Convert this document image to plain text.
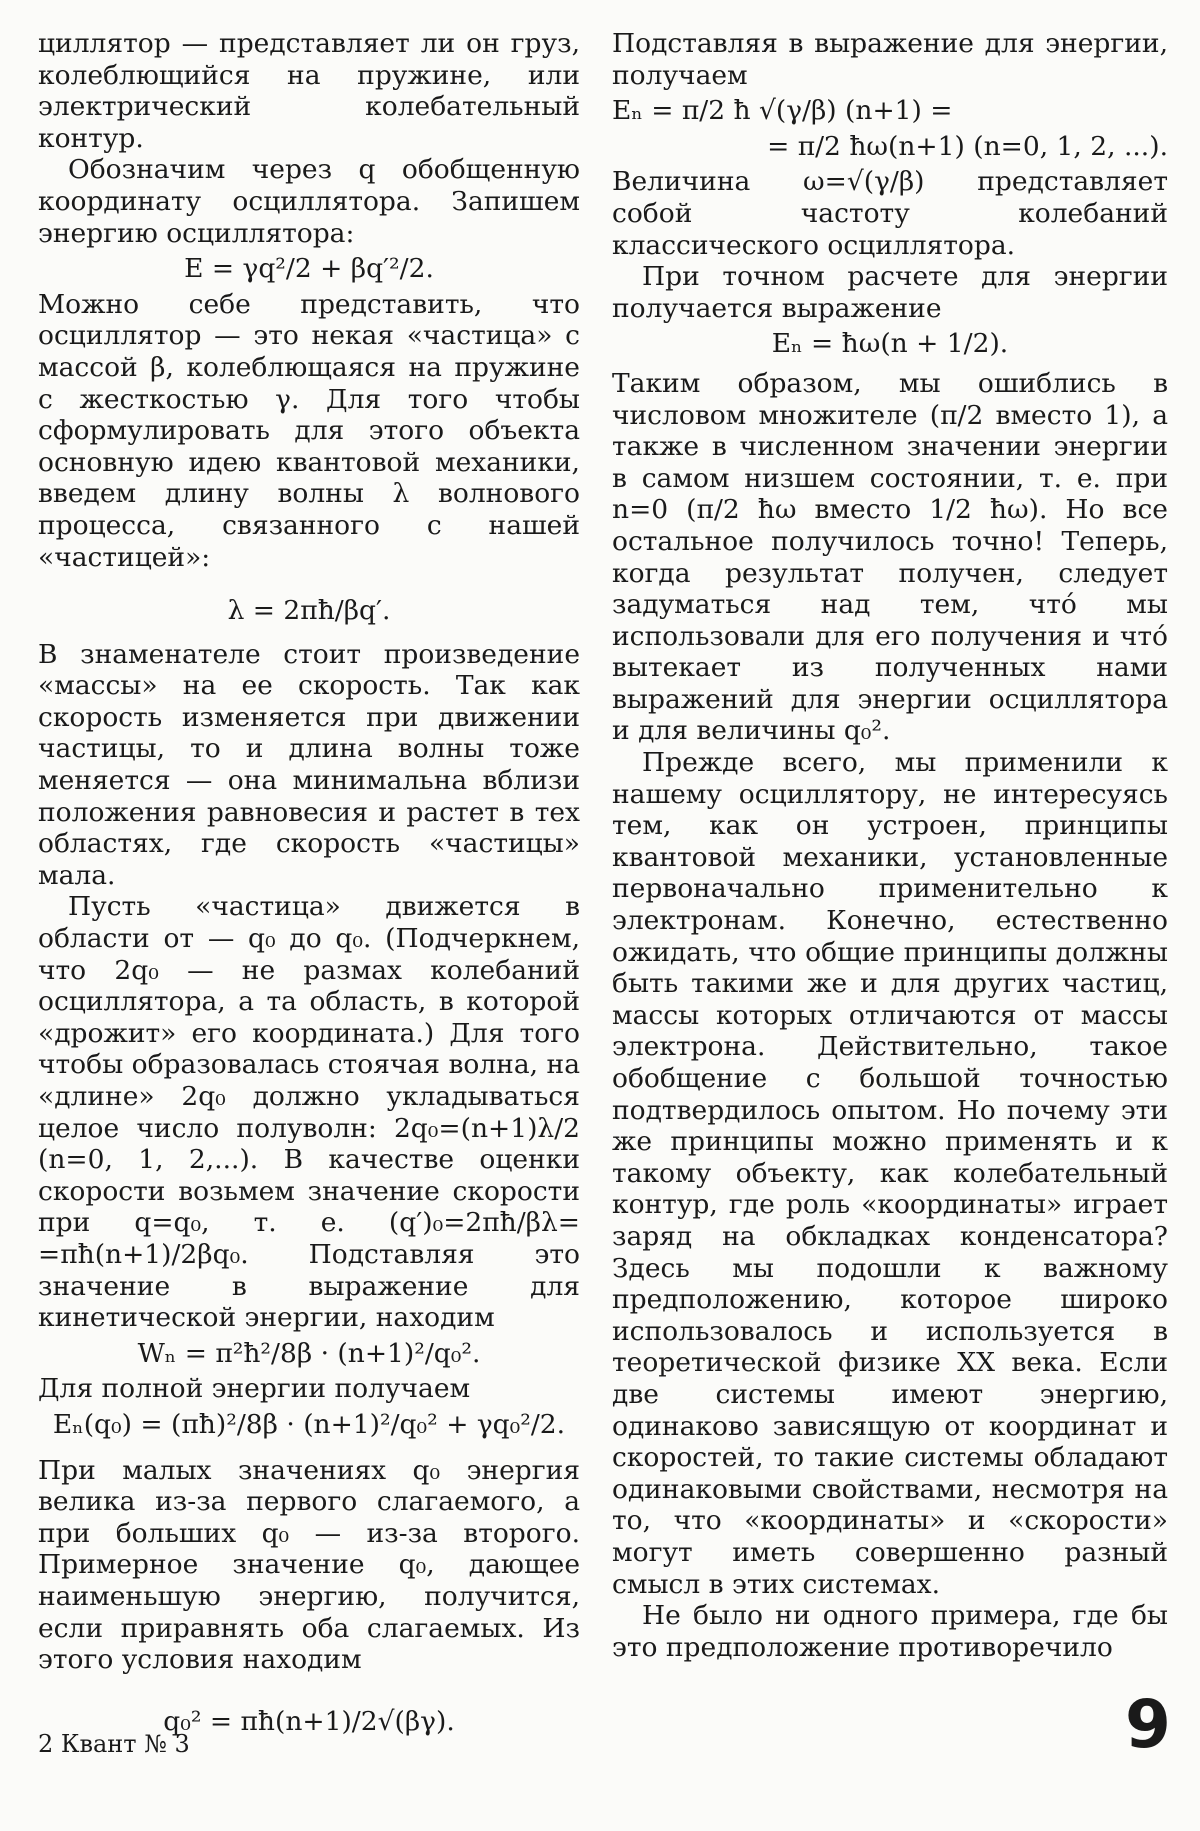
циллятор — представляет ли он груз, колеблющийся на пружине, или электрический колебательный контур.

Обозначим через q обобщенную координату осциллятора. Запишем энергию осциллятора:

E = γq²/2 + βq′²/2.

Можно себе представить, что осциллятор — это некая «частица» с массой β, колеблющаяся на пружине с жесткостью γ. Для того чтобы сформулировать для этого объекта основную идею квантовой механики, введем длину волны λ волнового процесса, связанного с нашей «частицей»:

λ = 2πħ/βq′.

В знаменателе стоит произведение «массы» на ее скорость. Так как скорость изменяется при движении частицы, то и длина волны тоже меняется — она минимальна вблизи положения равновесия и растет в тех областях, где скорость «частицы» мала.

Пусть «частица» движется в области от — q₀ до q₀. (Подчеркнем, что 2q₀ — не размах колебаний осциллятора, а та область, в которой «дрожит» его координата.) Для того чтобы образовалась стоячая волна, на «длине» 2q₀ должно укладываться целое число полуволн: 2q₀=(n+1)λ/2 (n=0, 1, 2,...). В качестве оценки скорости возьмем значение скорости при q=q₀, т. е. (q′)₀=2πħ/βλ= =πħ(n+1)/2βq₀. Подставляя это значение в выражение для кинетической энергии, находим

Wₙ = π²ħ²/8β · (n+1)²/q₀².

Для полной энергии получаем

Eₙ(q₀) = (πħ)²/8β · (n+1)²/q₀² + γq₀²/2.

При малых значениях q₀ энергия велика из-за первого слагаемого, а при больших q₀ — из-за второго. Примерное значение q₀, дающее наименьшую энергию, получится, если приравнять оба слагаемых. Из этого условия находим

q₀² = πħ(n+1)/2√(βγ).

Подставляя в выражение для энергии, получаем

Eₙ = π/2 ħ √(γ/β) (n+1) =
= π/2 ħω(n+1) (n=0, 1, 2, ...).

Величина ω=√(γ/β) представляет собой частоту колебаний классического осциллятора.

При точном расчете для энергии получается выражение

Eₙ = ħω(n + 1/2).

Таким образом, мы ошиблись в числовом множителе (π/2 вместо 1), а также в численном значении энергии в самом низшем состоянии, т. е. при n=0 (π/2 ħω вместо 1/2 ħω). Но все остальное получилось точно! Теперь, когда результат получен, следует задуматься над тем, что́ мы использовали для его получения и что́ вытекает из полученных нами выражений для энергии осциллятора и для величины q₀².

Прежде всего, мы применили к нашему осциллятору, не интересуясь тем, как он устроен, принципы квантовой механики, установленные первоначально применительно к электронам. Конечно, естественно ожидать, что общие принципы должны быть такими же и для других частиц, массы которых отличаются от массы электрона. Действительно, такое обобщение с большой точностью подтвердилось опытом. Но почему эти же принципы можно применять и к такому объекту, как колебательный контур, где роль «координаты» играет заряд на обкладках конденсатора? Здесь мы подошли к важному предположению, которое широко использовалось и используется в теоретической физике XX века. Если две системы имеют энергию, одинаково зависящую от координат и скоростей, то такие системы обладают одинаковыми свойствами, несмотря на то, что «координаты» и «скорости» могут иметь совершенно разный смысл в этих системах.

Не было ни одного примера, где бы это предположение противоречило

2 Квант № 3	9
